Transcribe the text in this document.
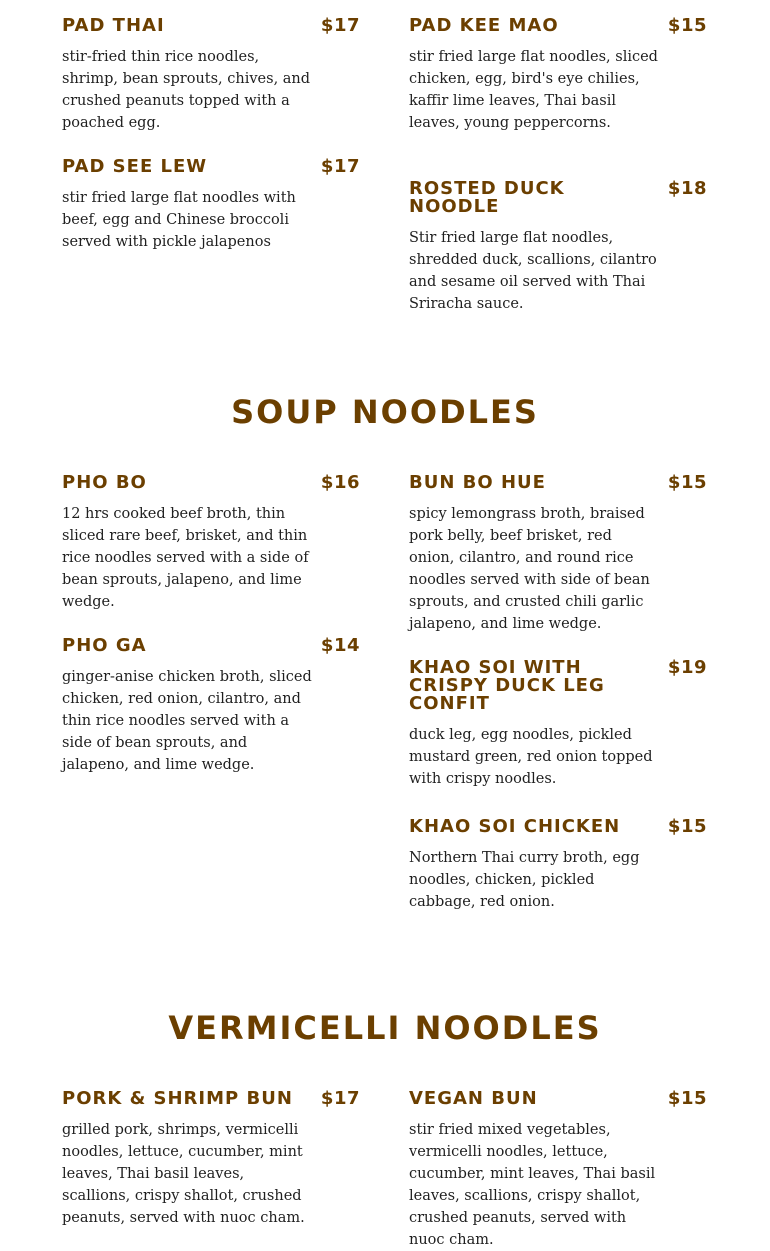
PAD THAI	$17
stir-fried thin rice noodles, shrimp, bean sprouts, chives, and crushed peanuts topped with a poached egg.
PAD KEE MAO	$15
stir fried large flat noodles, sliced chicken, egg, bird's eye chilies, kaffir lime leaves, Thai basil leaves, young peppercorns.
PAD SEE LEW	$17
stir fried large flat noodles with beef, egg and Chinese broccoli served with pickle jalapenos
ROSTED DUCK NOODLE
$18
Stir fried large flat noodles, shredded duck, scallions, cilantro and sesame oil served with Thai Sriracha sauce.
SOUP NOODLES
PHO BO	$16
12 hrs cooked beef broth, thin sliced rare beef, brisket, and thin rice noodles served with a side of bean sprouts, jalapeno, and lime wedge.
BUN BO HUE	$15
spicy lemongrass broth, braised pork belly, beef brisket, red onion, cilantro, and round rice noodles served with side of bean sprouts, and crusted chili garlic jalapeno, and lime wedge.
PHO GA	$14
ginger-anise chicken broth, sliced chicken, red onion, cilantro, and thin rice noodles served with a side of bean sprouts, and jalapeno, and lime wedge.
KHAO SOI WITH CRISPY DUCK LEG CONFIT
$19
duck leg, egg noodles, pickled mustard green, red onion topped with crispy noodles.
KHAO SOI CHICKEN	$15
Northern Thai curry broth, egg noodles, chicken, pickled cabbage, red onion.
VERMICELLI NOODLES
PORK & SHRIMP BUN $17
grilled pork, shrimps, vermicelli noodles, lettuce, cucumber, mint leaves, Thai basil leaves, scallions, crispy shallot, crushed peanuts, served with nuoc cham.
VEGAN BUN	$15
stir fried mixed vegetables, vermicelli noodles, lettuce, cucumber, mint leaves, Thai basil leaves, scallions, crispy shallot, crushed peanuts, served with nuoc cham.
